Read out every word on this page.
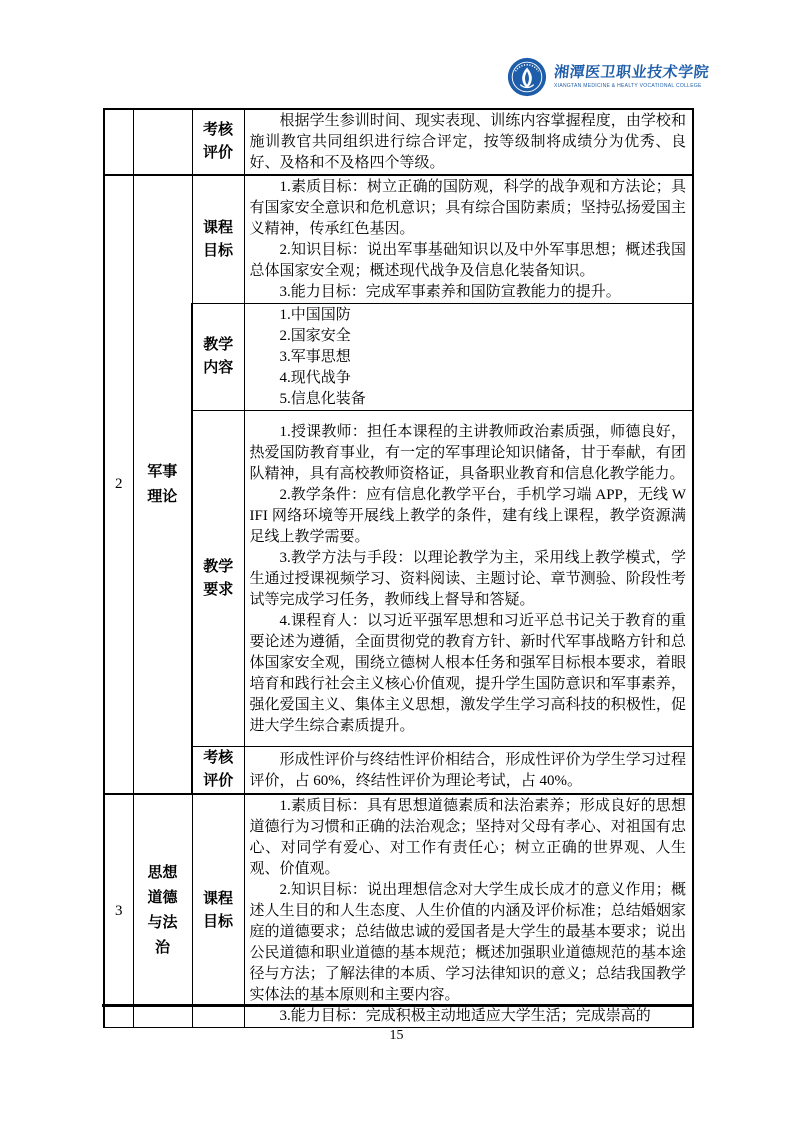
湘潭医卫职业技术学院
XIANGTAN MEDICINE & HEALTY VOCATIONAL COLLEGE
		考核评价	根据学生参训时间、现实表现、训练内容掌握程度，由学校和施训教官共同组织进行综合评定，按等级制将成绩分为优秀、良好、及格和不及格四个等级。

2	军事理论	课程目标	1.素质目标：树立正确的国防观，科学的战争观和方法论；具有国家安全意识和危机意识；具有综合国防素质；坚持弘扬爱国主义精神，传承红色基因。

2.知识目标：说出军事基础知识以及中外军事思想；概述我国总体国家安全观；概述现代战争及信息化装备知识。

3.能力目标：完成军事素养和国防宣教能力的提升。

		教学内容	1.中国国防

2.国家安全

3.军事思想

4.现代战争

5.信息化装备

		教学要求	1.授课教师：担任本课程的主讲教师政治素质强，师德良好，热爱国防教育事业，有一定的军事理论知识储备，甘于奉献，有团队精神，具有高校教师资格证，具备职业教育和信息化教学能力。

2.教学条件：应有信息化教学平台，手机学习端 APP，无线 WIFI 网络环境等开展线上教学的条件，建有线上课程，教学资源满足线上教学需要。

3.教学方法与手段：以理论教学为主，采用线上教学模式，学生通过授课视频学习、资料阅读、主题讨论、章节测验、阶段性考试等完成学习任务，教师线上督导和答疑。

4.课程育人：以习近平强军思想和习近平总书记关于教育的重要论述为遵循，全面贯彻党的教育方针、新时代军事战略方针和总体国家安全观，围绕立德树人根本任务和强军目标根本要求，着眼培育和践行社会主义核心价值观，提升学生国防意识和军事素养，强化爱国主义、集体主义思想，激发学生学习高科技的积极性，促进大学生综合素质提升。

		考核评价	形成性评价与终结性评价相结合，形成性评价为学生学习过程评价，占 60%，终结性评价为理论考试，占 40%。

3	思想道德与法治	课程目标	1.素质目标：具有思想道德素质和法治素养；形成良好的思想道德行为习惯和正确的法治观念；坚持对父母有孝心、对祖国有忠心、对同学有爱心、对工作有责任心；树立正确的世界观、人生观、价值观。

2.知识目标：说出理想信念对大学生成长成才的意义作用；概述人生目的和人生态度、人生价值的内涵及评价标准；总结婚姻家庭的道德要求；总结做忠诚的爱国者是大学生的最基本要求；说出公民道德和职业道德的基本规范；概述加强职业道德规范的基本途径与方法；了解法律的本质、学习法律知识的意义；总结我国教学实体法的基本原则和主要内容。

3.能力目标：完成积极主动地适应大学生活；完成崇高的

15
